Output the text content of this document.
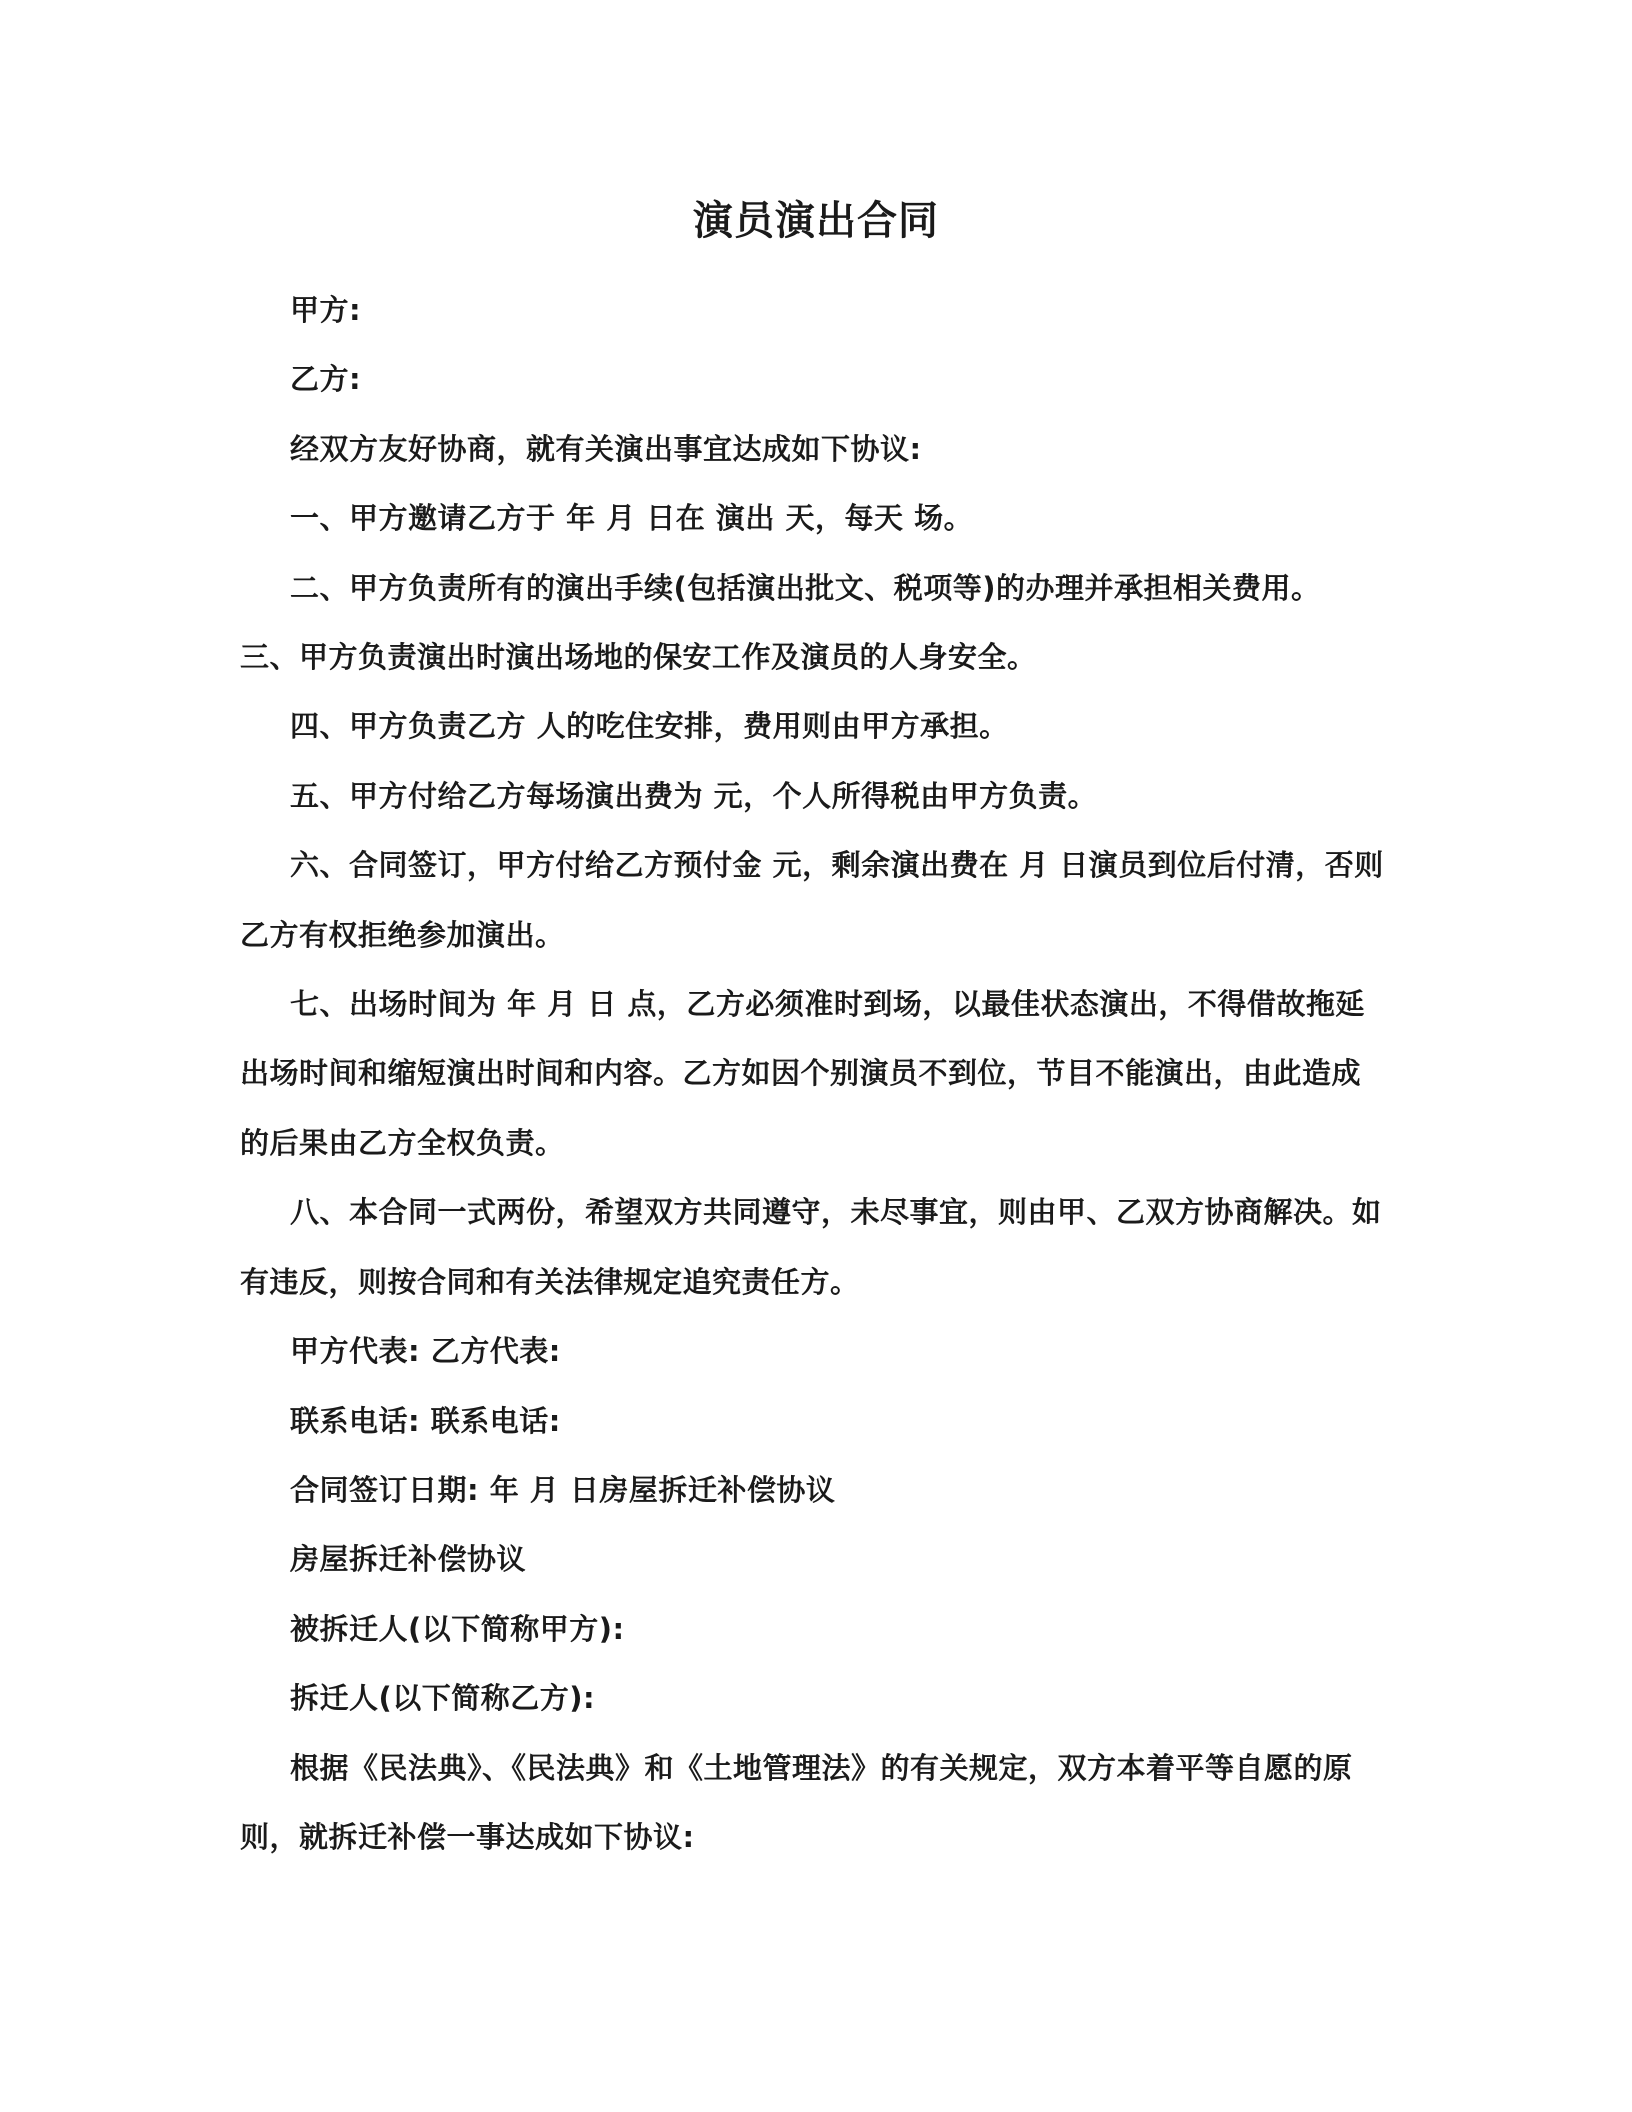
演员演出合同

甲方:

乙方:

经双方友好协商，就有关演出事宜达成如下协议:

一、甲方邀请乙方于 年 月 日在 演出 天，每天 场。

二、甲方负责所有的演出手续(包括演出批文、税项等)的办理并承担相关费用。 三、甲方负责演出时演出场地的保安工作及演员的人身安全。

四、甲方负责乙方 人的吃住安排，费用则由甲方承担。

五、甲方付给乙方每场演出费为 元，个人所得税由甲方负责。

六、合同签订，甲方付给乙方预付金 元，剩余演出费在 月 日演员到位后付清，否则乙方有权拒绝参加演出。

七、出场时间为 年 月 日 点，乙方必须准时到场，以最佳状态演出，不得借故拖延出场时间和缩短演出时间和内容。乙方如因个别演员不到位，节目不能演出，由此造成的后果由乙方全权负责。

八、本合同一式两份，希望双方共同遵守，未尽事宜，则由甲、乙双方协商解决。如有违反，则按合同和有关法律规定追究责任方。

甲方代表: 乙方代表:

联系电话: 联系电话:

合同签订日期: 年 月 日房屋拆迁补偿协议

房屋拆迁补偿协议

被拆迁人(以下简称甲方):

拆迁人(以下简称乙方):

根据《民法典》、《民法典》和《土地管理法》的有关规定，双方本着平等自愿的原则，就拆迁补偿一事达成如下协议:
